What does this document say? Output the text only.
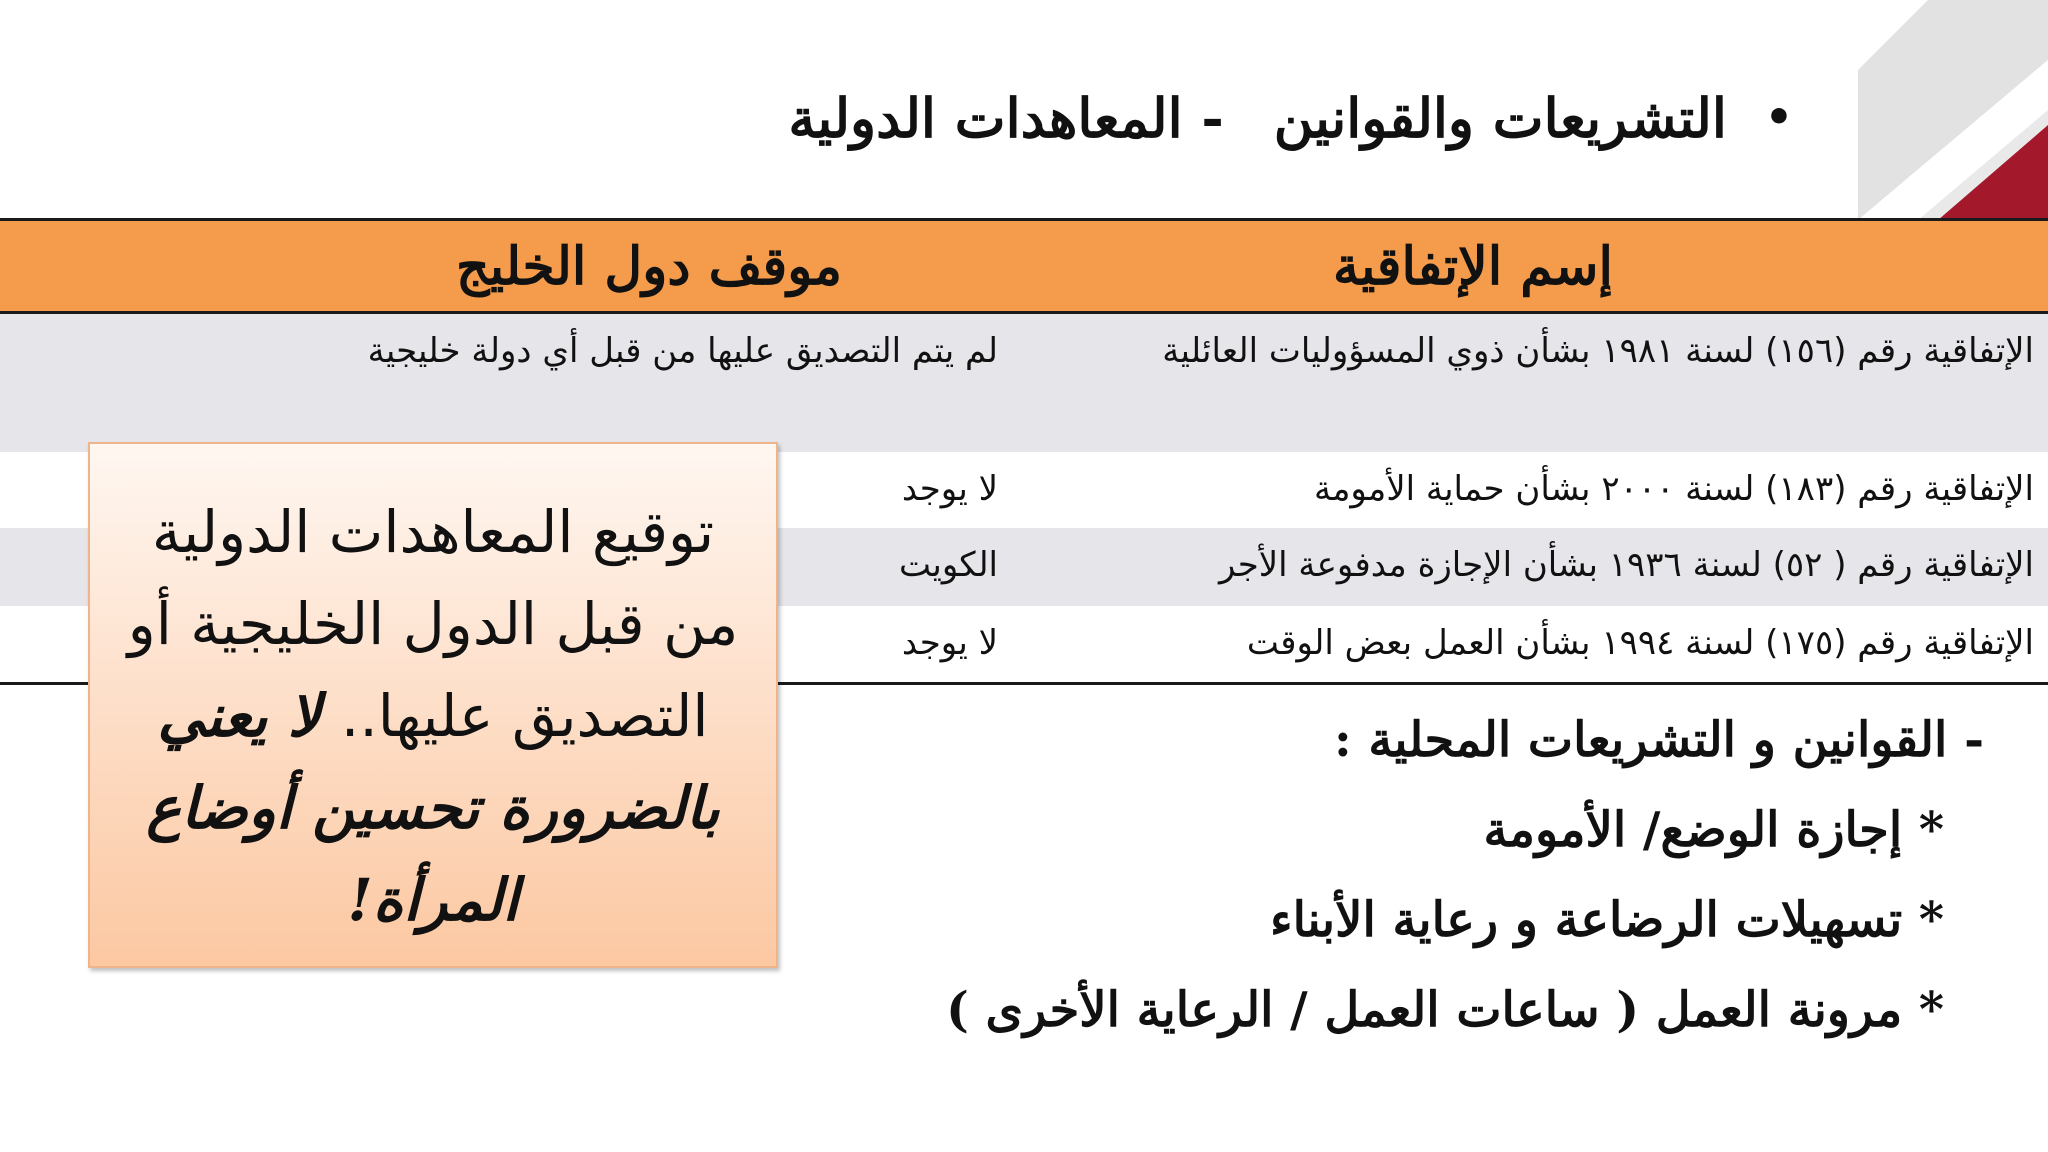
•
التشريعات والقوانين
- المعاهدات الدولية
إسم الإتفاقية
موقف دول الخليج
الإتفاقية رقم (١٥٦) لسنة ١٩٨١ بشأن ذوي المسؤوليات العائلية
لم يتم التصديق عليها من قبل أي دولة خليجية
الإتفاقية رقم (١٨٣) لسنة ٢٠٠٠ بشأن حماية الأمومة
لا يوجد
الإتفاقية رقم ( ٥٢) لسنة ١٩٣٦ بشأن الإجازة مدفوعة الأجر
الكويت
الإتفاقية رقم (١٧٥) لسنة ١٩٩٤ بشأن العمل بعض الوقت
لا يوجد
توقيع المعاهدات الدولية
من قبل الدول الخليجية أو
التصديق عليها.. لا يعني
بالضرورة تحسين أوضاع
المرأة!
- القوانين و التشريعات المحلية :
* إجازة الوضع/ الأمومة
* تسهيلات الرضاعة و رعاية الأبناء
* مرونة العمل ( ساعات العمل / الرعاية الأخرى )
